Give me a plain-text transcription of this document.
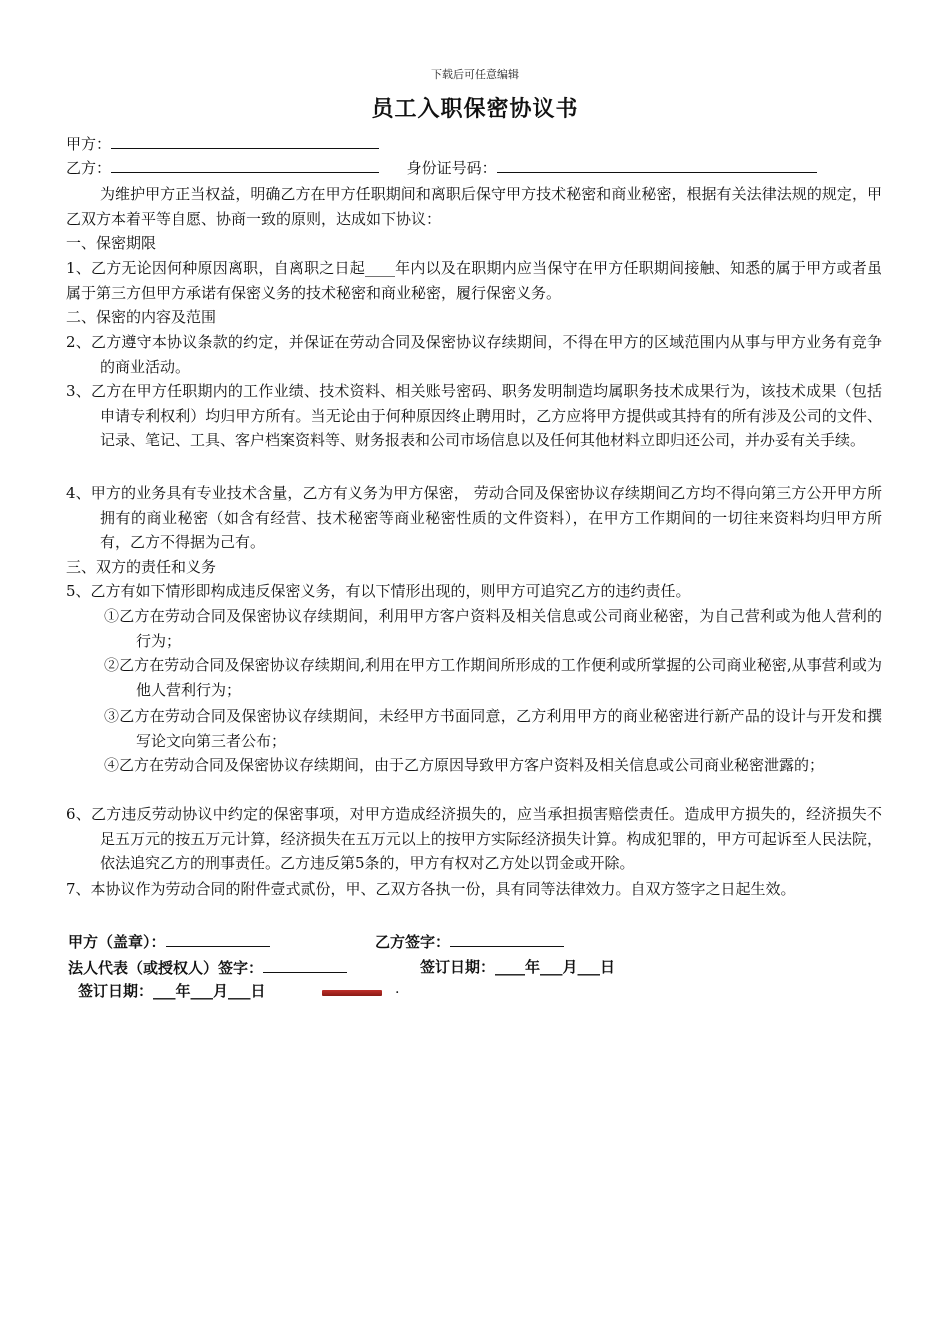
下载后可任意编辑
员工入职保密协议书
甲方：
乙方：	身份证号码：
为维护甲方正当权益，明确乙方在甲方任职期间和离职后保守甲方技术秘密和商业秘密，根据有关法律法规的规定，甲乙双方本着平等自愿、协商一致的原则，达成如下协议：
一、保密期限
1、乙方无论因何种原因离职，自离职之日起____年内以及在职期内应当保守在甲方任职期间接触、知悉的属于甲方或者虽属于第三方但甲方承诺有保密义务的技术秘密和商业秘密，履行保密义务。
二、保密的内容及范围
2、乙方遵守本协议条款的约定，并保证在劳动合同及保密协议存续期间，不得在甲方的区域范围内从事与甲方业务有竞争的商业活动。
3、乙方在甲方任职期内的工作业绩、技术资料、相关账号密码、职务发明制造均属职务技术成果行为，该技术成果（包括申请专利权利）均归甲方所有。当无论由于何种原因终止聘用时，乙方应将甲方提供或其持有的所有涉及公司的文件、记录、笔记、工具、客户档案资料等、财务报表和公司市场信息以及任何其他材料立即归还公司，并办妥有关手续。
4、甲方的业务具有专业技术含量，乙方有义务为甲方保密， 劳动合同及保密协议存续期间乙方均不得向第三方公开甲方所拥有的商业秘密（如含有经营、技术秘密等商业秘密性质的文件资料），在甲方工作期间的一切往来资料均归甲方所有，乙方不得据为己有。
三、双方的责任和义务
5、乙方有如下情形即构成违反保密义务，有以下情形出现的，则甲方可追究乙方的违约责任。
①乙方在劳动合同及保密协议存续期间，利用甲方客户资料及相关信息或公司商业秘密，为自己营利或为他人营利的行为；
②乙方在劳动合同及保密协议存续期间,利用在甲方工作期间所形成的工作便利或所掌握的公司商业秘密,从事营利或为他人营利行为；
③乙方在劳动合同及保密协议存续期间，未经甲方书面同意，乙方利用甲方的商业秘密进行新产品的设计与开发和撰写论文向第三者公布；
④乙方在劳动合同及保密协议存续期间，由于乙方原因导致甲方客户资料及相关信息或公司商业秘密泄露的；
6、乙方违反劳动协议中约定的保密事项，对甲方造成经济损失的，应当承担损害赔偿责任。造成甲方损失的，经济损失不足五万元的按五万元计算，经济损失在五万元以上的按甲方实际经济损失计算。构成犯罪的，甲方可起诉至人民法院，依法追究乙方的刑事责任。乙方违反第5条的，甲方有权对乙方处以罚金或开除。
7、本协议作为劳动合同的附件壹式贰份，甲、乙双方各执一份，具有同等法律效力。自双方签字之日起生效。
甲方（盖章）：	乙方签字：
法人代表（或授权人）签字：	签订日期：____年___月___日
签订日期：___年___月___日	.
